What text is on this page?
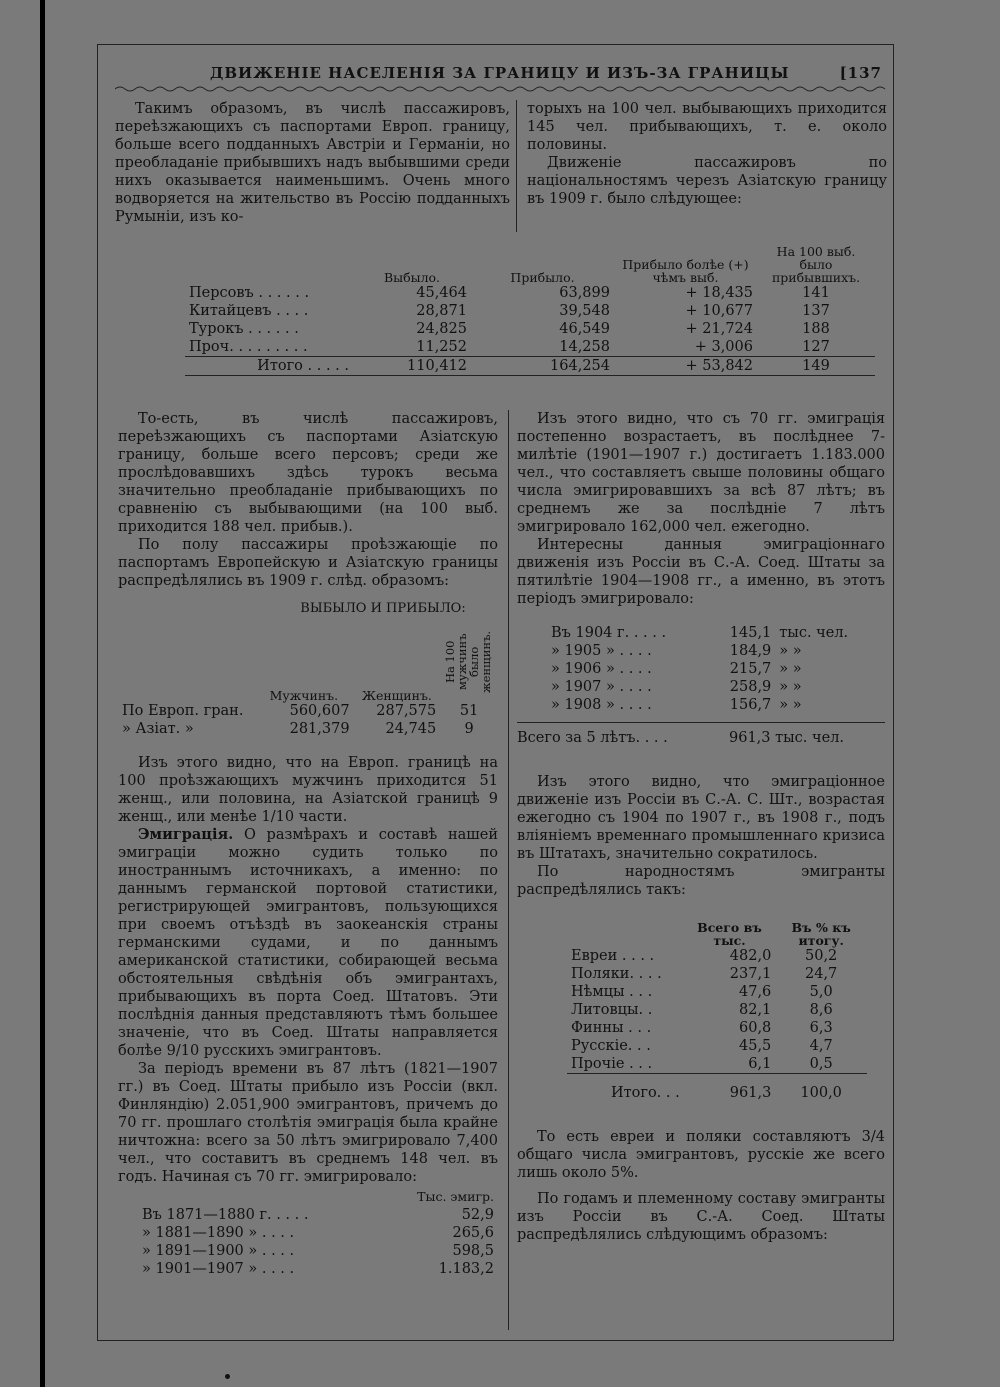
ДВИЖЕНІЕ НАСЕЛЕНІЯ ЗА ГРАНИЦУ И ИЗЪ-ЗА ГРАНИЦЫ	[137

Такимъ образомъ, въ числѣ пассажировъ, переѣзжающихъ съ паспортами Европ. границу, больше всего подданныхъ Австріи и Германіи, но преобладаніе прибывшихъ надъ выбывшими среди нихъ оказывается наименьшимъ. Очень много водворяется на жительство въ Россію подданныхъ Румыніи, изъ ко-

торыхъ на 100 чел. выбывающихъ приходится 145 чел. прибывающихъ, т. е. около половины.

Движеніе пассажировъ по національностямъ черезъ Азіатскую границу въ 1909 г. было слѣдующее:

	Выбыло.	Прибыло.	Прибыло болѣе (+) чѣмъ выб.	На 100 выб. было прибывшихъ.
Персовъ . . . . . .	45,464	63,899	+ 18,435	141
Китайцевъ . . . .	28,871	39,548	+ 10,677	137
Турокъ . . . . . .	24,825	46,549	+ 21,724	188
Проч. . . . . . . . .	11,252	14,258	+ 3,006	127
Итого . . . . .	110,412	164,254	+ 53,842	149

То-есть, въ числѣ пассажировъ, переѣзжающихъ съ паспортами Азіатскую границу, больше всего персовъ; среди же прослѣдовавшихъ здѣсь турокъ весьма значительно преобладаніе прибывающихъ по сравненію съ выбывающими (на 100 выб. приходится 188 чел. прибыв.).

По полу пассажиры проѣзжающіе по паспортамъ Европейскую и Азіатскую границы распредѣлялись въ 1909 г. слѣд. образомъ:

ВЫБЫЛО И ПРИБЫЛО:
	Мужчинъ.	Женщинъ.	На 100 мужчинъ было женщинъ.

По Европ. гран.	560,607	287,575	51
» Азіат. »	281,379	24,745	9

Изъ этого видно, что на Европ. границѣ на 100 проѣзжающихъ мужчинъ приходится 51 женщ., или половина, на Азіатской границѣ 9 женщ., или менѣе 1/10 части.

Эмиграція. О размѣрахъ и составѣ нашей эмиграціи можно судить только по иностраннымъ источникахъ, а именно: по даннымъ германской портовой статистики, регистрирующей эмигрантовъ, пользующихся при своемъ отъѣздѣ въ заокеанскія страны германскими судами, и по даннымъ американской статистики, собирающей весьма обстоятельныя свѣдѣнія объ эмигрантахъ, прибывающихъ въ порта Соед. Штатовъ. Эти послѣднія данныя представляютъ тѣмъ большее значеніе, что въ Соед. Штаты направляется болѣе 9/10 русскихъ эмигрантовъ.

За періодъ времени въ 87 лѣтъ (1821—1907 гг.) въ Соед. Штаты прибыло изъ Россіи (вкл. Финляндію) 2.051,900 эмигрантовъ, причемъ до 70 гг. прошлаго столѣтія эмиграція была крайне ничтожна: всего за 50 лѣтъ эмигрировало 7,400 чел., что составитъ въ среднемъ 148 чел. въ годъ. Начиная съ 70 гг. эмигрировало:

	Тыс. эмигр.
Въ 1871—1880 г. . . . .	52,9
» 1881—1890 » . . . .	265,6
» 1891—1900 » . . . .	598,5
» 1901—1907 » . . . .	1.183,2

Изъ этого видно, что съ 70 гг. эмиграція постепенно возрастаетъ, въ послѣднее 7-милѣтіе (1901—1907 г.) достигаетъ 1.183.000 чел., что составляетъ свыше половины общаго числа эмигрировавшихъ за всѣ 87 лѣтъ; въ среднемъ же за послѣдніе 7 лѣтъ эмигрировало 162,000 чел. ежегодно.

Интересны данныя эмиграціоннаго движенія изъ Россіи въ С.-А. Соед. Штаты за пятилѣтіе 1904—1908 гг., а именно, въ этотъ періодъ эмигрировало:

Въ 1904 г. . . . .	145,1	тыс. чел.
» 1905 » . . . .	184,9	» »
» 1906 » . . . .	215,7	» »
» 1907 » . . . .	258,9	» »
» 1908 » . . . .	156,7	» »
Всего за 5 лѣтъ. . . .	961,3 тыс. чел.

Изъ этого видно, что эмиграціонное движеніе изъ Россіи въ С.-А. С. Шт., возрастая ежегодно съ 1904 по 1907 г., въ 1908 г., подъ вліяніемъ временнаго промышленнаго кризиса въ Штатахъ, значительно сократилось.

По народностямъ эмигранты распредѣлялись такъ:

	Всего въ тыс.	Въ % къ итогу.
Евреи . . . .	482,0	50,2
Поляки. . . .	237,1	24,7
Нѣмцы . . .	47,6	5,0
Литовцы. .	82,1	8,6
Финны . . .	60,8	6,3
Русскіе. . .	45,5	4,7
Прочіе . . .	6,1	0,5
Итого. . .	961,3	100,0

То есть евреи и поляки составляютъ 3/4 общаго числа эмигрантовъ, русскіе же всего лишь около 5%.

По годамъ и племенному составу эмигранты изъ Россіи въ С.-А. Соед. Штаты распредѣлялись слѣдующимъ образомъ:
